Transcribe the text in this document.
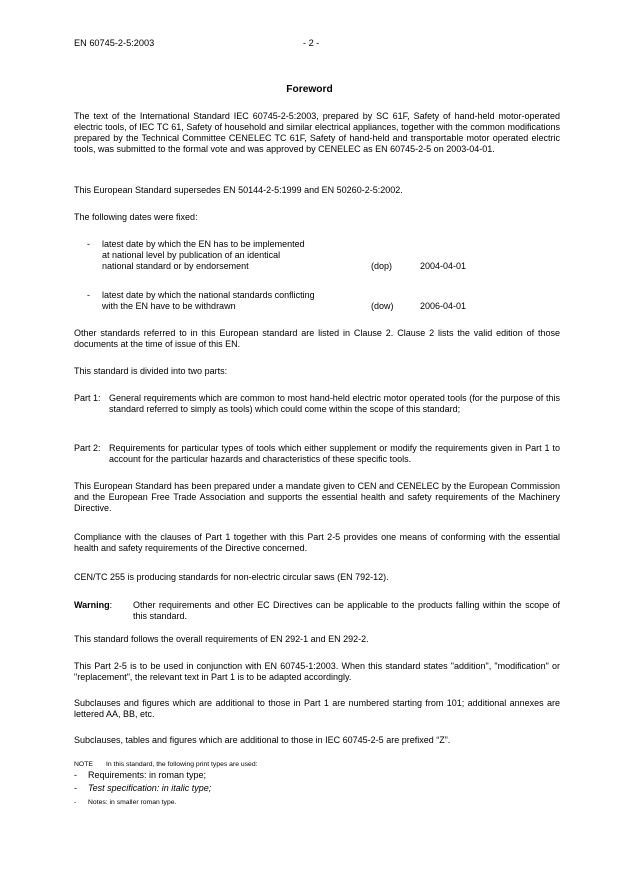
EN 60745-2-5:2003	- 2 -
Foreword
The text of the International Standard IEC 60745-2-5:2003, prepared by SC 61F, Safety of hand-held motor-operated electric tools, of IEC TC 61, Safety of household and similar electrical appliances, together with the common modifications prepared by the Technical Committee CENELEC TC 61F, Safety of hand-held and transportable motor operated electric tools, was submitted to the formal vote and was approved by CENELEC as EN 60745-2-5 on 2003-04-01.
This European Standard supersedes EN 50144-2-5:1999 and EN 50260-2-5:2002.
The following dates were fixed:
- latest date by which the EN has to be implemented
at national level by publication of an identical
national standard or by endorsement	(dop)	2004-04-01
- latest date by which the national standards conflicting
with the EN have to be withdrawn	(dow)	2006-04-01
Other standards referred to in this European standard are listed in Clause 2. Clause 2 lists the valid edition of those documents at the time of issue of this EN.
This standard is divided into two parts:
Part 1: General requirements which are common to most hand-held electric motor operated tools (for the purpose of this standard referred to simply as tools) which could come within the scope of this standard;
Part 2: Requirements for particular types of tools which either supplement or modify the requirements given in Part 1 to account for the particular hazards and characteristics of these specific tools.
This European Standard has been prepared under a mandate given to CEN and CENELEC by the European Commission and the European Free Trade Association and supports the essential health and safety requirements of the Machinery Directive.
Compliance with the clauses of Part 1 together with this Part 2-5 provides one means of conforming with the essential health and safety requirements of the Directive concerned.
CEN/TC 255 is producing standards for non-electric circular saws (EN 792-12).
Warning: Other requirements and other EC Directives can be applicable to the products falling within the scope of this standard.
This standard follows the overall requirements of EN 292-1 and EN 292-2.
This Part 2-5 is to be used in conjunction with EN 60745-1:2003. When this standard states "addition", "modification" or "replacement", the relevant text in Part 1 is to be adapted accordingly.
Subclauses and figures which are additional to those in Part 1 are numbered starting from 101; additional annexes are lettered AA, BB, etc.
Subclauses, tables and figures which are additional to those in IEC 60745-2-5 are prefixed “Z”.
NOTE In this standard, the following print types are used:
- Requirements: in roman type;
- Test specification: in italic type;
- Notes: in smaller roman type.
